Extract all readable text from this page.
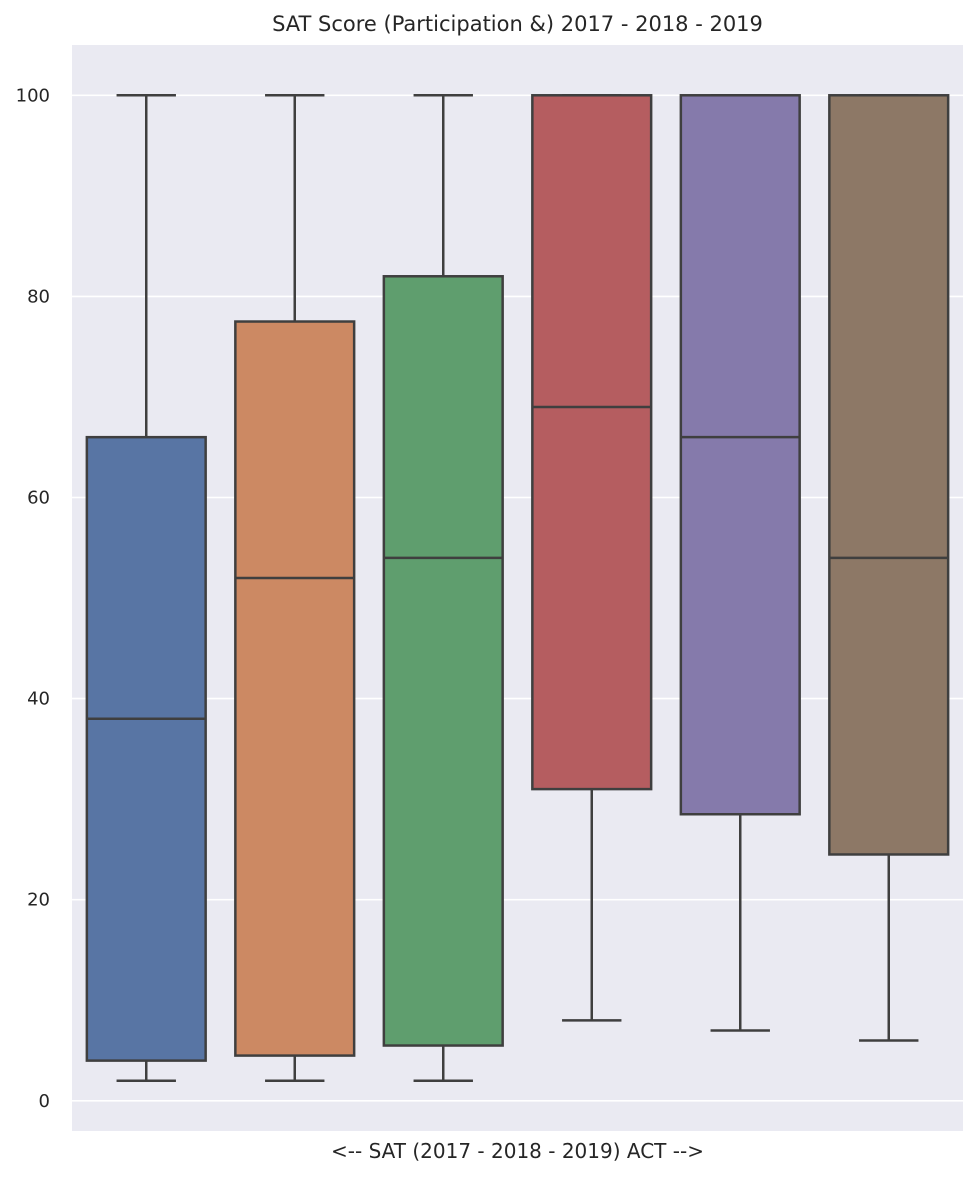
0
20
40
60
80
100
SAT Score (Participation &) 2017 - 2018 - 2019
<-- SAT (2017 - 2018 - 2019) ACT -->
